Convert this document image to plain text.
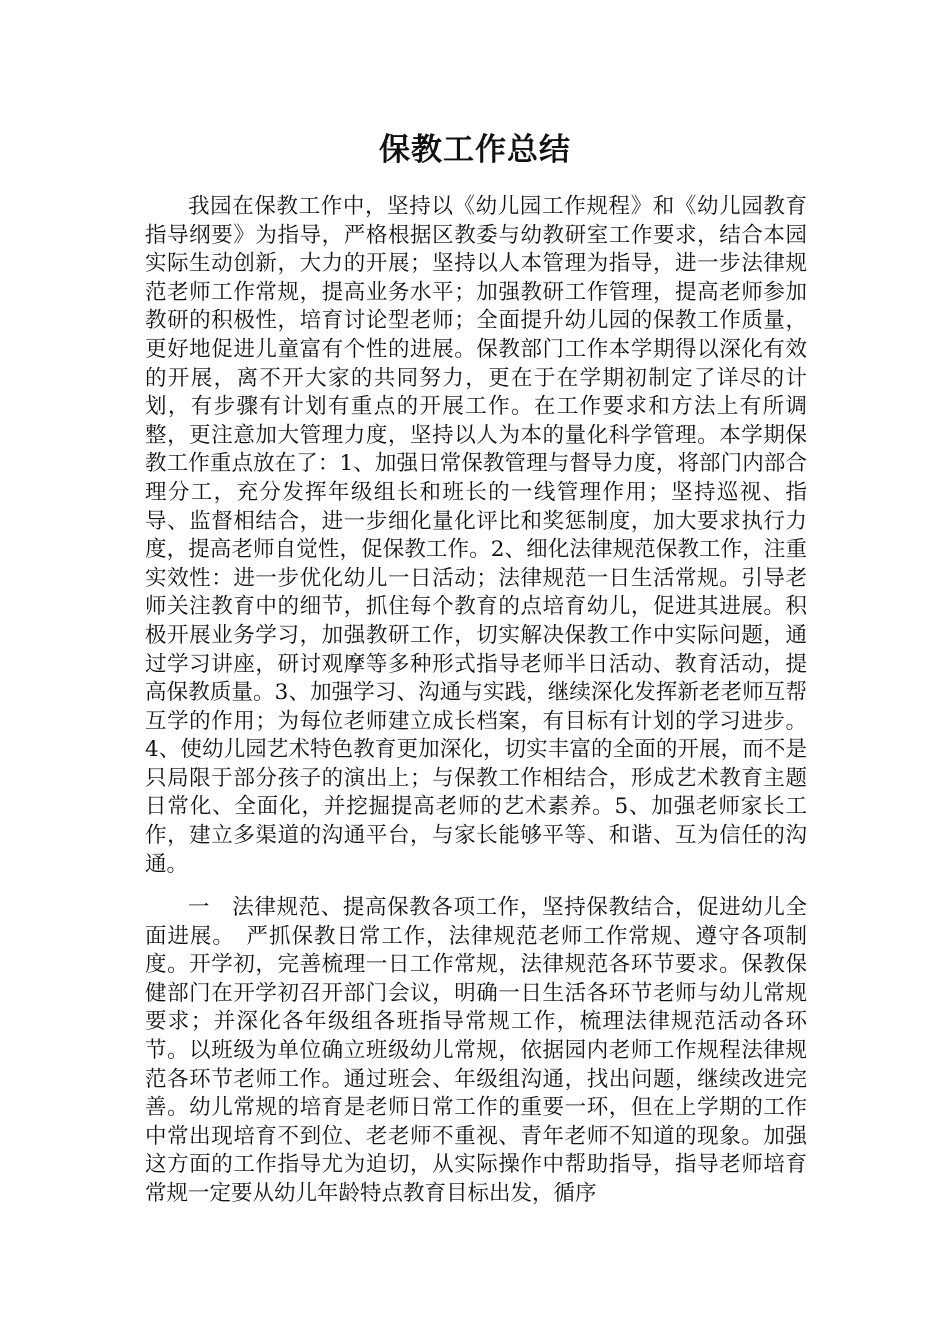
保教工作总结

我园在保教工作中，坚持以《幼儿园工作规程》和《幼儿园教育指导纲要》为指导，严格根据区教委与幼教研室工作要求，结合本园实际生动创新，大力的开展；坚持以人本管理为指导，进一步法律规范老师工作常规，提高业务水平；加强教研工作管理，提高老师参加教研的积极性，培育讨论型老师；全面提升幼儿园的保教工作质量，更好地促进儿童富有个性的进展。保教部门工作本学期得以深化有效的开展，离不开大家的共同努力，更在于在学期初制定了详尽的计划，有步骤有计划有重点的开展工作。在工作要求和方法上有所调整，更注意加大管理力度，坚持以人为本的量化科学管理。本学期保教工作重点放在了：1、加强日常保教管理与督导力度，将部门内部合理分工，充分发挥年级组长和班长的一线管理作用；坚持巡视、指导、监督相结合，进一步细化量化评比和奖惩制度，加大要求执行力度，提高老师自觉性，促保教工作。2、细化法律规范保教工作，注重实效性：进一步优化幼儿一日活动；法律规范一日生活常规。引导老师关注教育中的细节，抓住每个教育的点培育幼儿，促进其进展。积极开展业务学习，加强教研工作，切实解决保教工作中实际问题，通过学习讲座，研讨观摩等多种形式指导老师半日活动、教育活动，提高保教质量。3、加强学习、沟通与实践，继续深化发挥新老老师互帮互学的作用；为每位老师建立成长档案，有目标有计划的学习进步。4、使幼儿园艺术特色教育更加深化，切实丰富的全面的开展，而不是只局限于部分孩子的演出上；与保教工作相结合，形成艺术教育主题日常化、全面化，并挖掘提高老师的艺术素养。5、加强老师家长工作，建立多渠道的沟通平台，与家长能够平等、和谐、互为信任的沟通。

一　法律规范、提高保教各项工作，坚持保教结合，促进幼儿全面进展。　严抓保教日常工作，法律规范老师工作常规、遵守各项制度。开学初，完善梳理一日工作常规，法律规范各环节要求。保教保健部门在开学初召开部门会议，明确一日生活各环节老师与幼儿常规要求；并深化各年级组各班指导常规工作，梳理法律规范活动各环节。以班级为单位确立班级幼儿常规，依据园内老师工作规程法律规范各环节老师工作。通过班会、年级组沟通，找出问题，继续改进完善。幼儿常规的培育是老师日常工作的重要一环，但在上学期的工作中常出现培育不到位、老老师不重视、青年老师不知道的现象。加强这方面的工作指导尤为迫切，从实际操作中帮助指导，指导老师培育常规一定要从幼儿年龄特点教育目标出发，循序
